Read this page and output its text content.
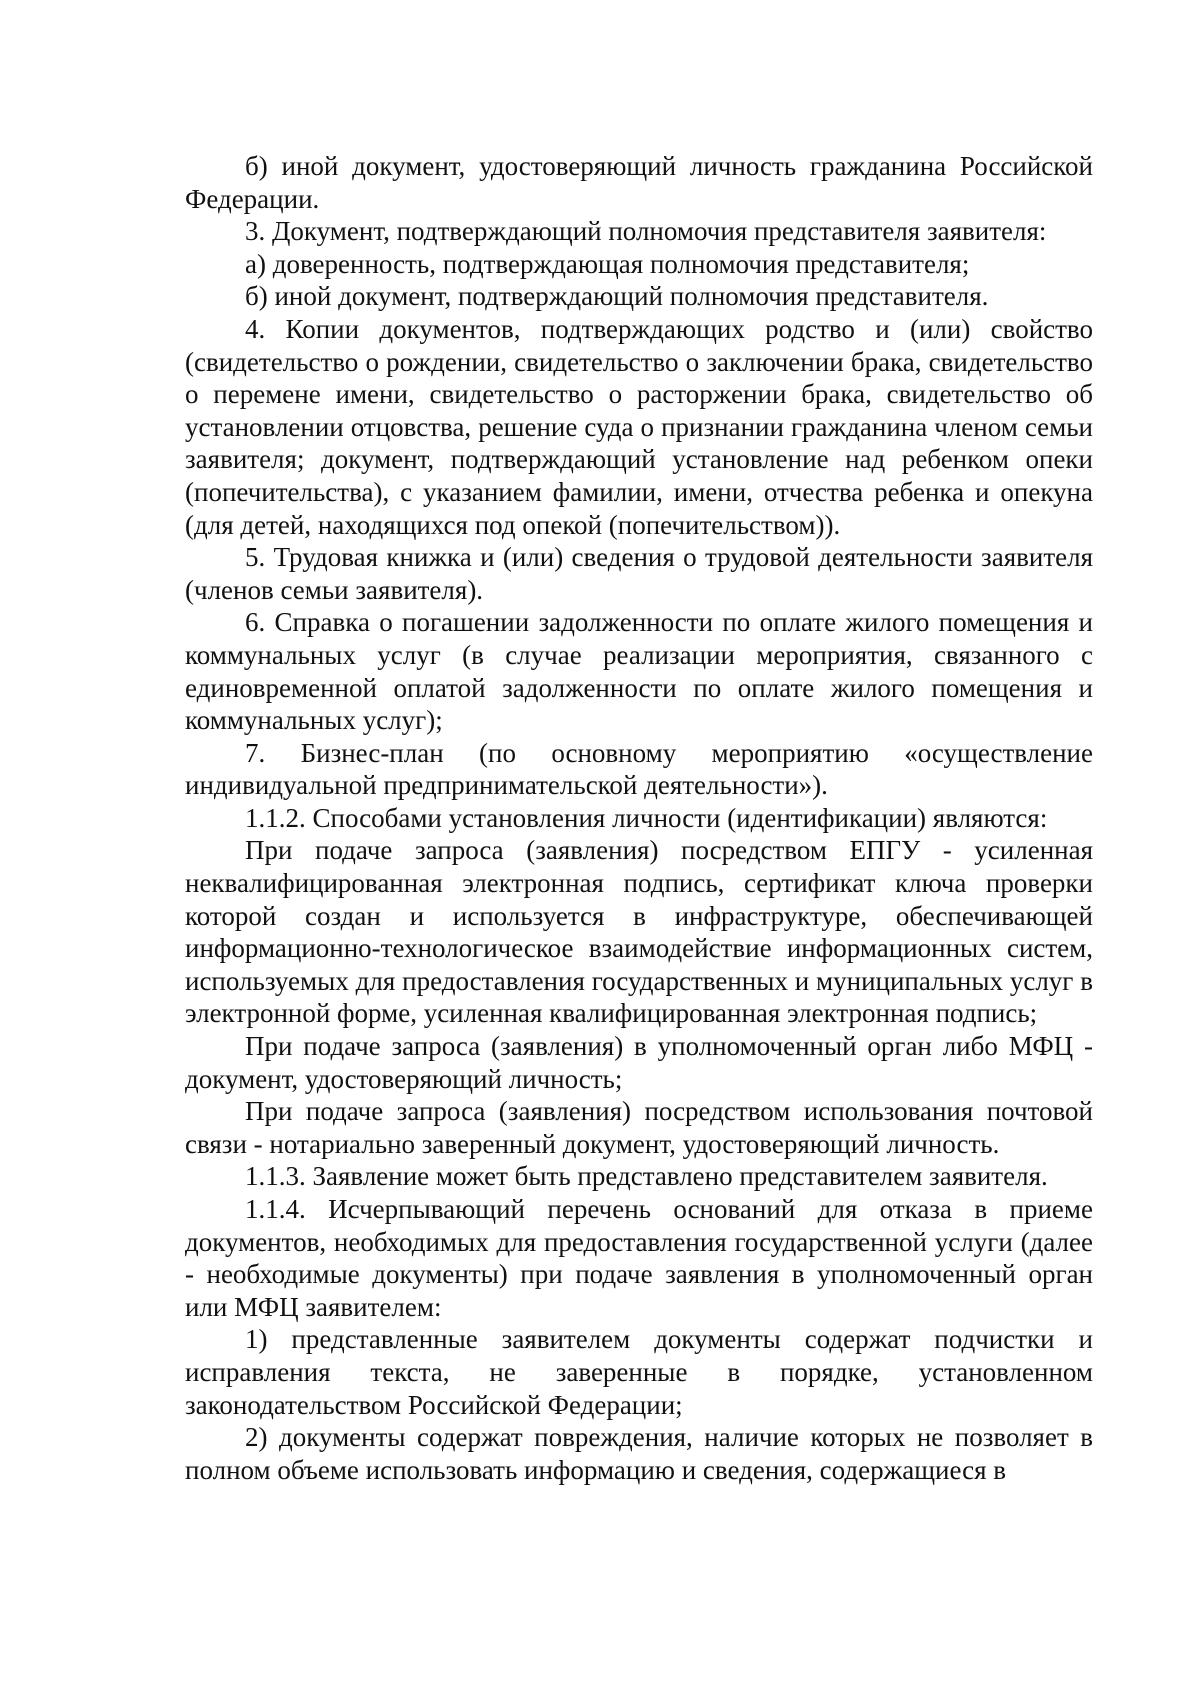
б) иной документ, удостоверяющий личность гражданина Российской Федерации.

3. Документ, подтверждающий полномочия представителя заявителя:

а) доверенность, подтверждающая полномочия представителя;

б) иной документ, подтверждающий полномочия представителя.

4. Копии документов, подтверждающих родство и (или) свойство (свидетельство о рождении, свидетельство о заключении брака, свидетельство о перемене имени, свидетельство о расторжении брака, свидетельство об установлении отцовства, решение суда о признании гражданина членом семьи заявителя; документ, подтверждающий установление над ребенком опеки (попечительства), с указанием фамилии, имени, отчества ребенка и опекуна (для детей, находящихся под опекой (попечительством)).

5. Трудовая книжка и (или) сведения о трудовой деятельности заявителя (членов семьи заявителя).

6. Справка о погашении задолженности по оплате жилого помещения и коммунальных услуг (в случае реализации мероприятия, связанного с единовременной оплатой задолженности по оплате жилого помещения и коммунальных услуг);

7. Бизнес-план (по основному мероприятию «осуществление индивидуальной предпринимательской деятельности»).

1.1.2. Способами установления личности (идентификации) являются:

При подаче запроса (заявления) посредством ЕПГУ - усиленная неквалифицированная электронная подпись, сертификат ключа проверки которой создан и используется в инфраструктуре, обеспечивающей информационно-технологическое взаимодействие информационных систем, используемых для предоставления государственных и муниципальных услуг в электронной форме, усиленная квалифицированная электронная подпись;

При подаче запроса (заявления) в уполномоченный орган либо МФЦ - документ, удостоверяющий личность;

При подаче запроса (заявления) посредством использования почтовой связи - нотариально заверенный документ, удостоверяющий личность.

1.1.3. Заявление может быть представлено представителем заявителя.

1.1.4. Исчерпывающий перечень оснований для отказа в приеме документов, необходимых для предоставления государственной услуги (далее - необходимые документы) при подаче заявления в уполномоченный орган или МФЦ заявителем:

1) представленные заявителем документы содержат подчистки и исправления текста, не заверенные в порядке, установленном законодательством Российской Федерации;

2) документы содержат повреждения, наличие которых не позволяет в полном объеме использовать информацию и сведения, содержащиеся в
